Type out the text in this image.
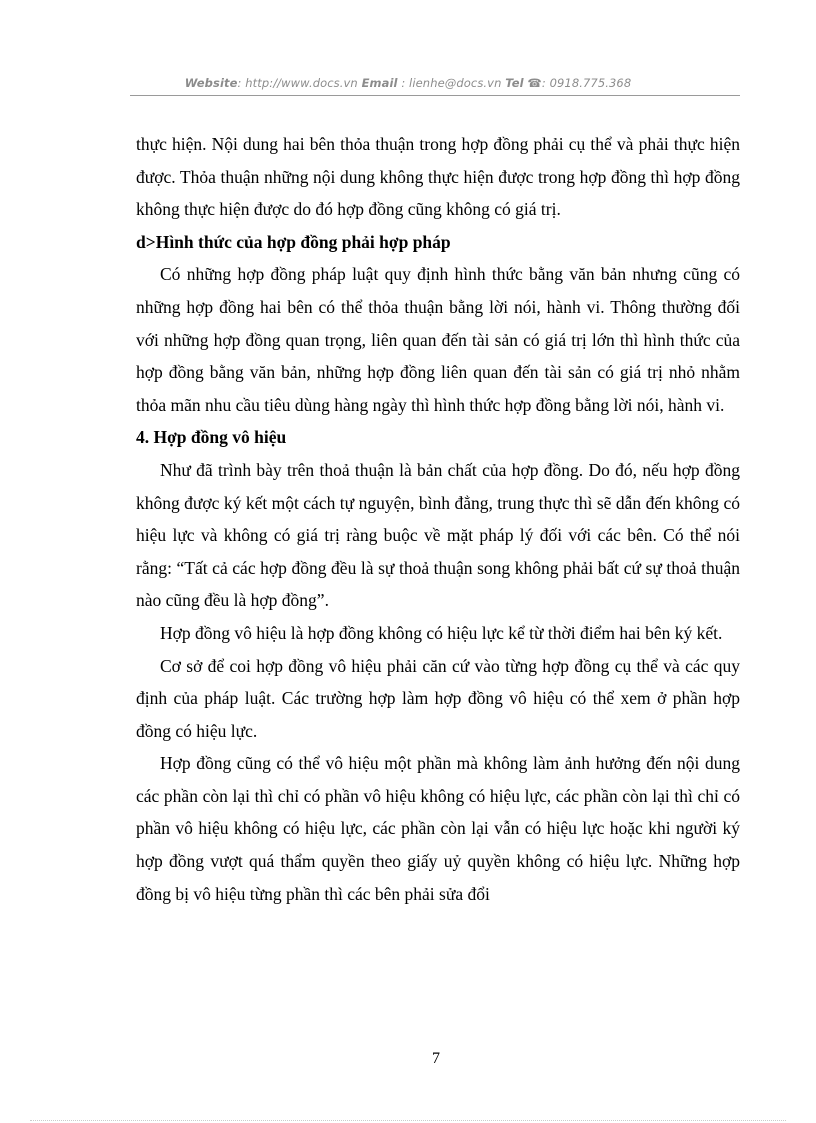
Website: http://www.docs.vn Email : lienhe@docs.vn Tel ☎: 0918.775.368

thực hiện. Nội dung hai bên thỏa thuận trong hợp đồng phải cụ thể và phải thực hiện được. Thỏa thuận những nội dung không thực hiện được trong hợp đồng thì hợp đồng không thực hiện được do đó hợp đồng cũng không có giá trị.

d>Hình thức của hợp đồng phải hợp pháp

Có những hợp đồng pháp luật quy định hình thức bằng văn bản nhưng cũng có những hợp đồng hai bên có thể thỏa thuận bằng lời nói, hành vi. Thông thường đối với những hợp đồng quan trọng, liên quan đến tài sản có giá trị lớn thì hình thức của hợp đồng bằng văn bản, những hợp đồng liên quan đến tài sản có giá trị nhỏ nhằm thỏa mãn nhu cầu tiêu dùng hàng ngày thì hình thức hợp đồng bằng lời nói, hành vi.

4. Hợp đồng vô hiệu

Như đã trình bày trên thoả thuận là bản chất của hợp đồng. Do đó, nếu hợp đồng không được ký kết một cách tự nguyện, bình đẳng, trung thực thì sẽ dẫn đến không có hiệu lực và không có giá trị ràng buộc về mặt pháp lý đối với các bên. Có thể nói rằng: “Tất cả các hợp đồng đều là sự thoả thuận song không phải bất cứ sự thoả thuận nào cũng đều là hợp đồng”.

Hợp đồng vô hiệu là hợp đồng không có hiệu lực kể từ thời điểm hai bên ký kết.

Cơ sở để coi hợp đồng vô hiệu phải căn cứ vào từng hợp đồng cụ thể và các quy định của pháp luật. Các trường hợp làm hợp đồng vô hiệu có thể xem ở phần hợp đồng có hiệu lực.

Hợp đồng cũng có thể vô hiệu một phần mà không làm ảnh hưởng đến nội dung các phần còn lại thì chỉ có phần vô hiệu không có hiệu lực, các phần còn lại thì chỉ có phần vô hiệu không có hiệu lực, các phần còn lại vẫn có hiệu lực hoặc khi người ký hợp đồng vượt quá thẩm quyền theo giấy uỷ quyền không có hiệu lực. Những hợp đồng bị vô hiệu từng phần thì các bên phải sửa đổi

7
